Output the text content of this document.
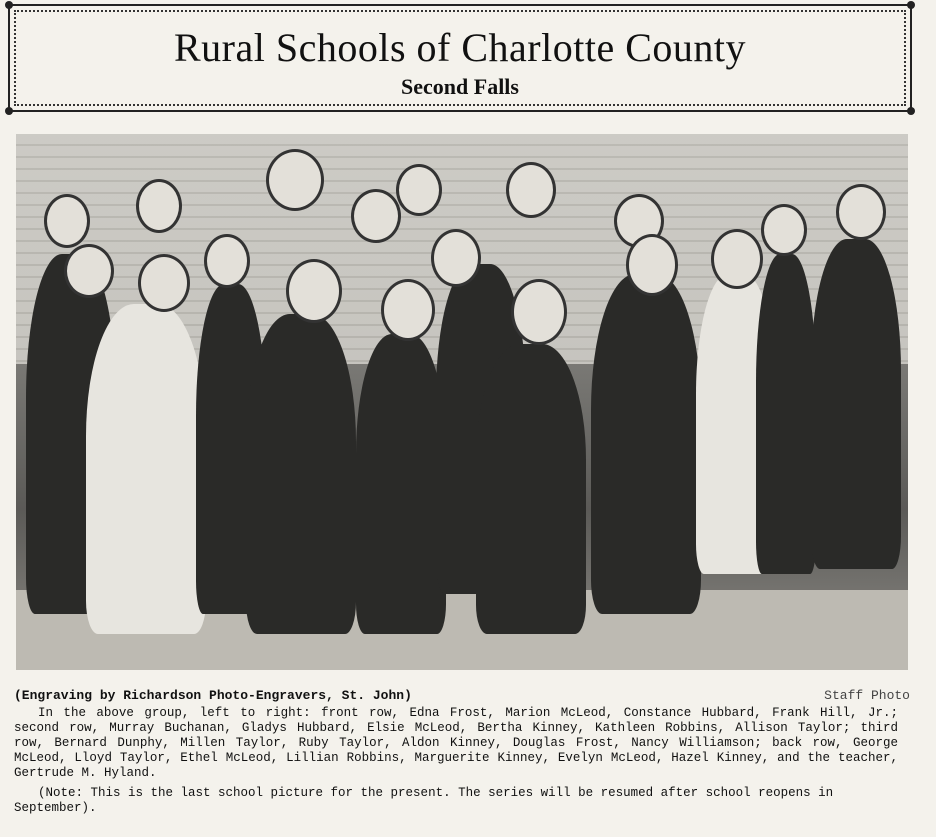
Rural Schools of Charlotte County
Second Falls
(Engraving by Richardson Photo-Engravers, St. John)	Staff Photo
In the above group, left to right: front row, Edna Frost, Marion McLeod, Constance Hubbard, Frank Hill, Jr.; second row, Murray Buchanan, Gladys Hubbard, Elsie McLeod, Bertha Kinney, Kathleen Robbins, Allison Taylor; third row, Bernard Dunphy, Millen Taylor, Ruby Taylor, Aldon Kinney, Douglas Frost, Nancy Williamson; back row, George McLeod, Lloyd Taylor, Ethel McLeod, Lillian Robbins, Marguerite Kinney, Evelyn McLeod, Hazel Kinney, and the teacher, Gertrude M. Hyland.
(Note: This is the last school picture for the present. The series will be resumed after school reopens in September).
